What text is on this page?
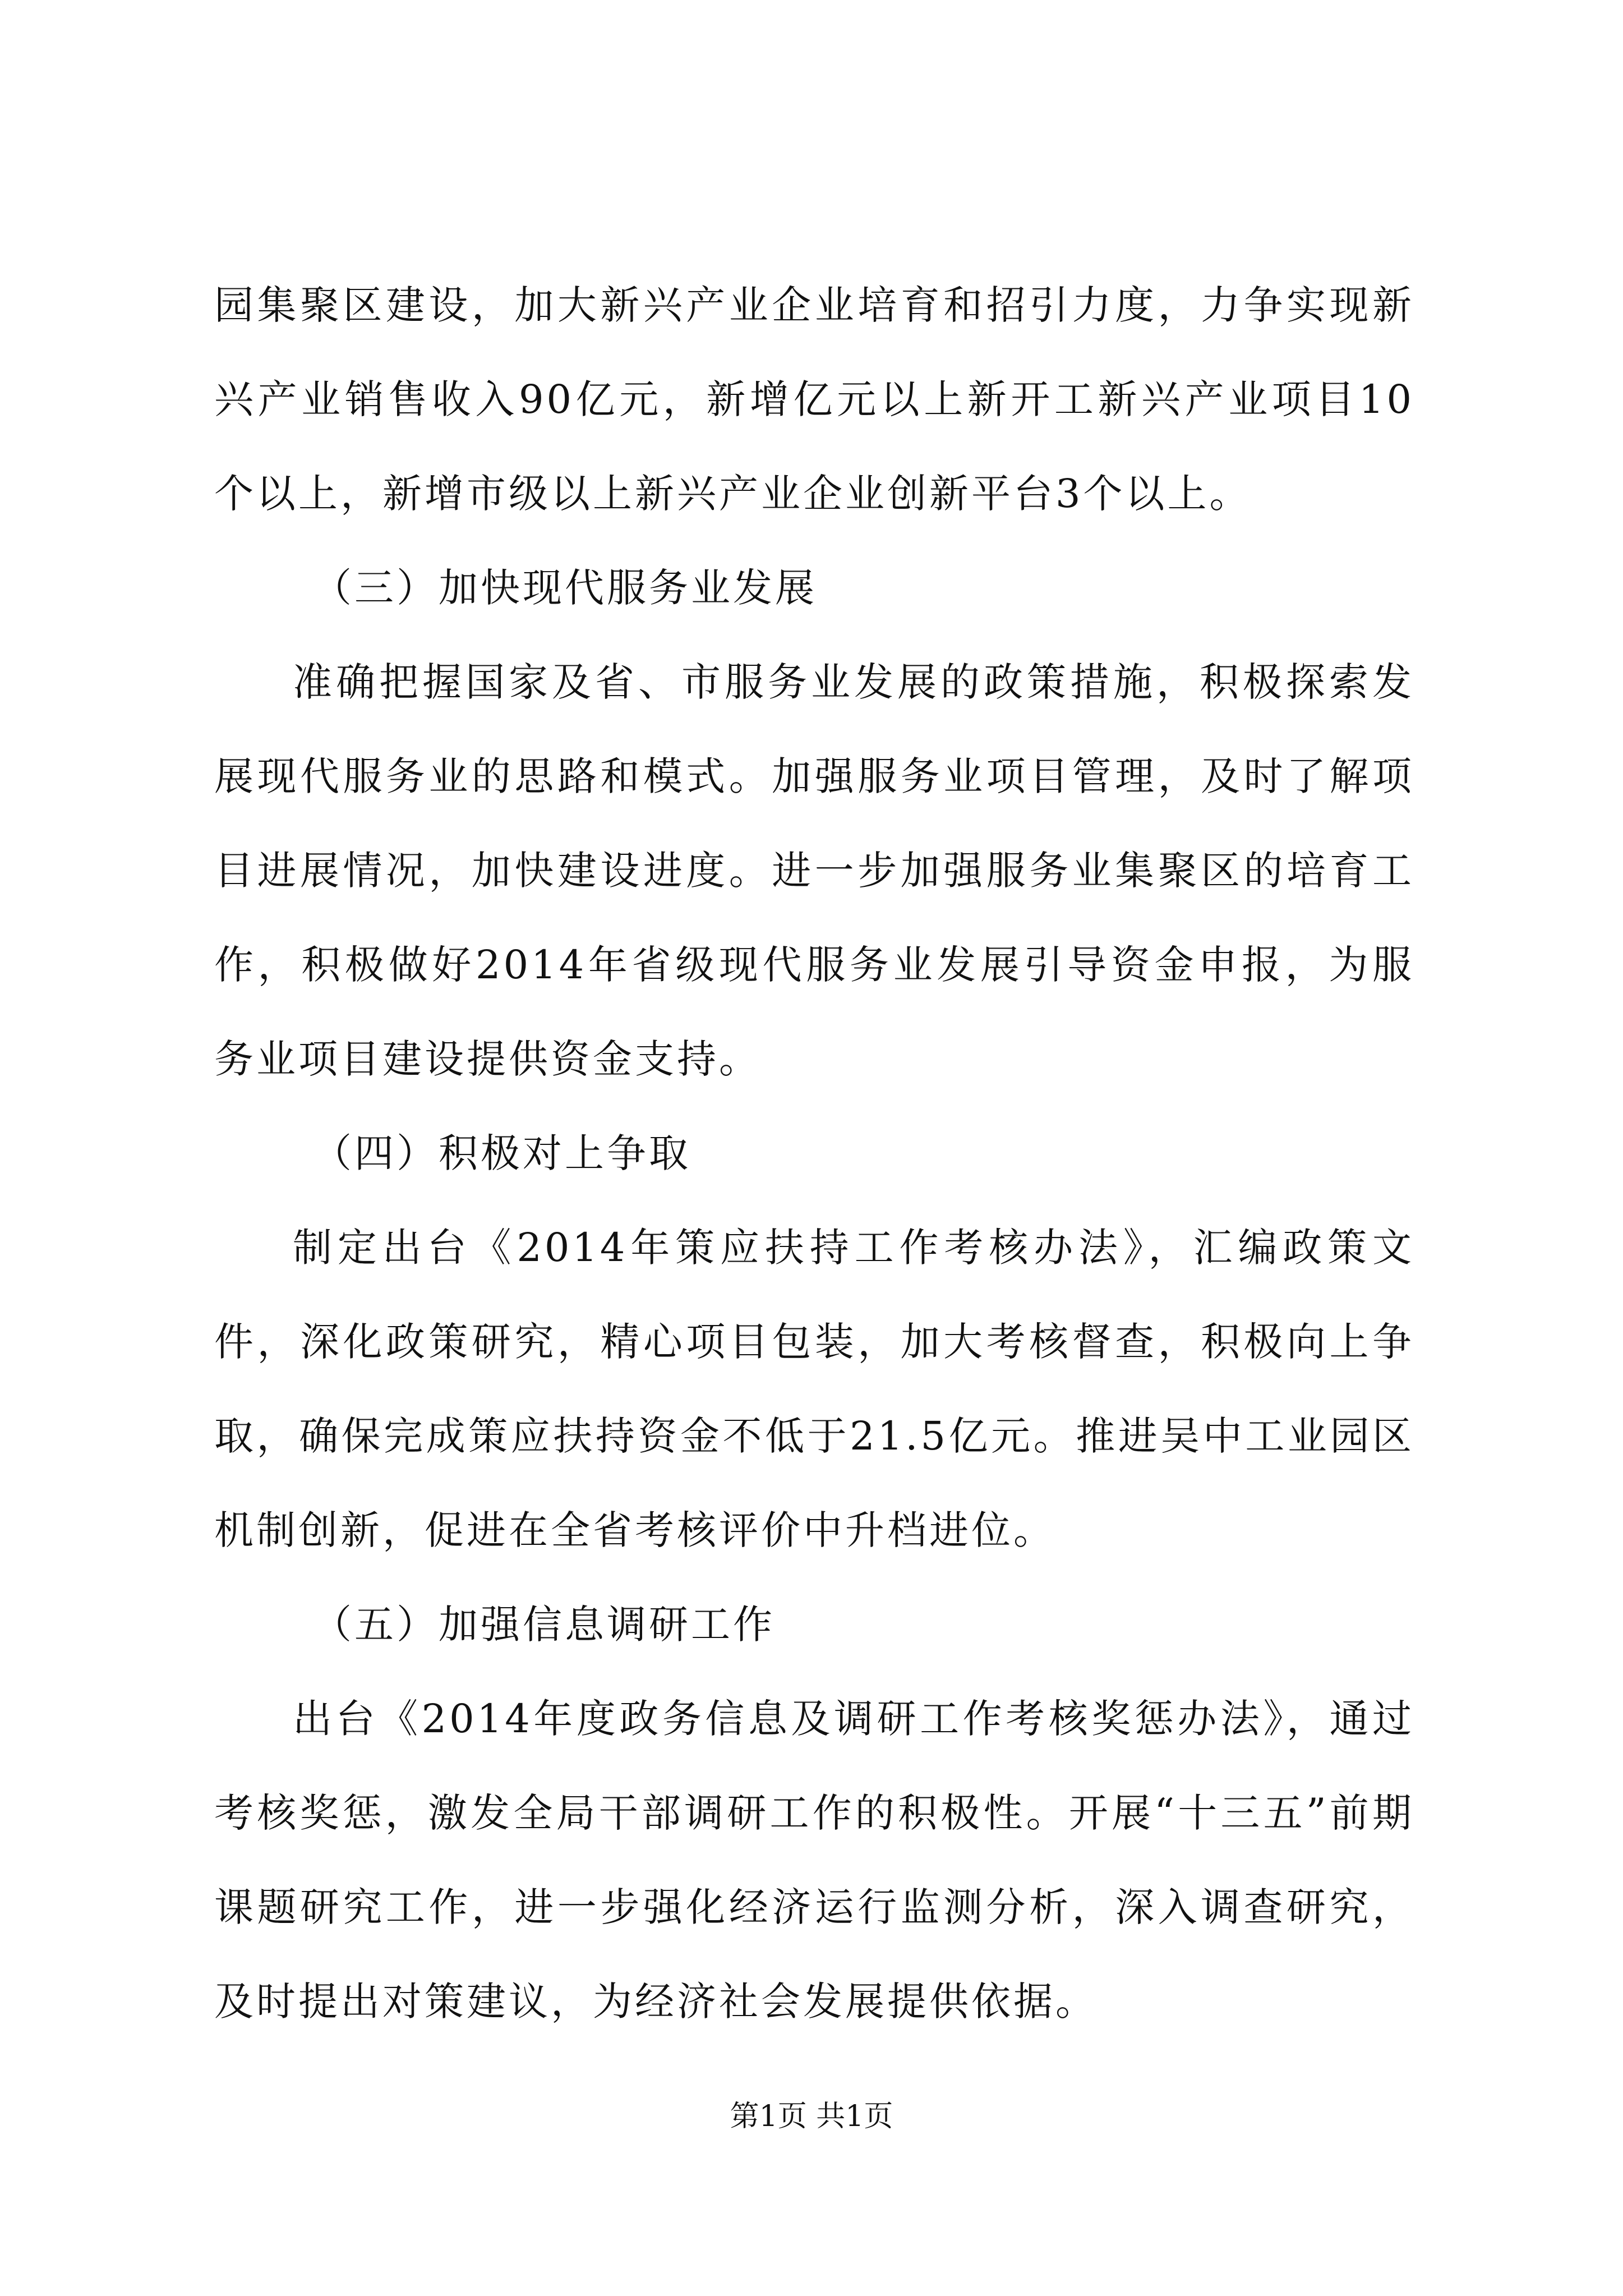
园集聚区建设，加大新兴产业企业培育和招引力度，力争实现新兴产业销售收入90亿元，新增亿元以上新开工新兴产业项目10个以上，新增市级以上新兴产业企业创新平台3个以上。

（三）加快现代服务业发展

准确把握国家及省、市服务业发展的政策措施，积极探索发展现代服务业的思路和模式。加强服务业项目管理，及时了解项目进展情况，加快建设进度。进一步加强服务业集聚区的培育工作，积极做好2014年省级现代服务业发展引导资金申报，为服务业项目建设提供资金支持。

（四）积极对上争取

制定出台《2014年策应扶持工作考核办法》，汇编政策文件，深化政策研究，精心项目包装，加大考核督查，积极向上争取，确保完成策应扶持资金不低于21.5亿元。推进吴中工业园区机制创新，促进在全省考核评价中升档进位。

（五）加强信息调研工作

出台《2014年度政务信息及调研工作考核奖惩办法》，通过考核奖惩，激发全局干部调研工作的积极性。开展“十三五”前期课题研究工作，进一步强化经济运行监测分析，深入调查研究，及时提出对策建议，为经济社会发展提供依据。

第1页 共1页
